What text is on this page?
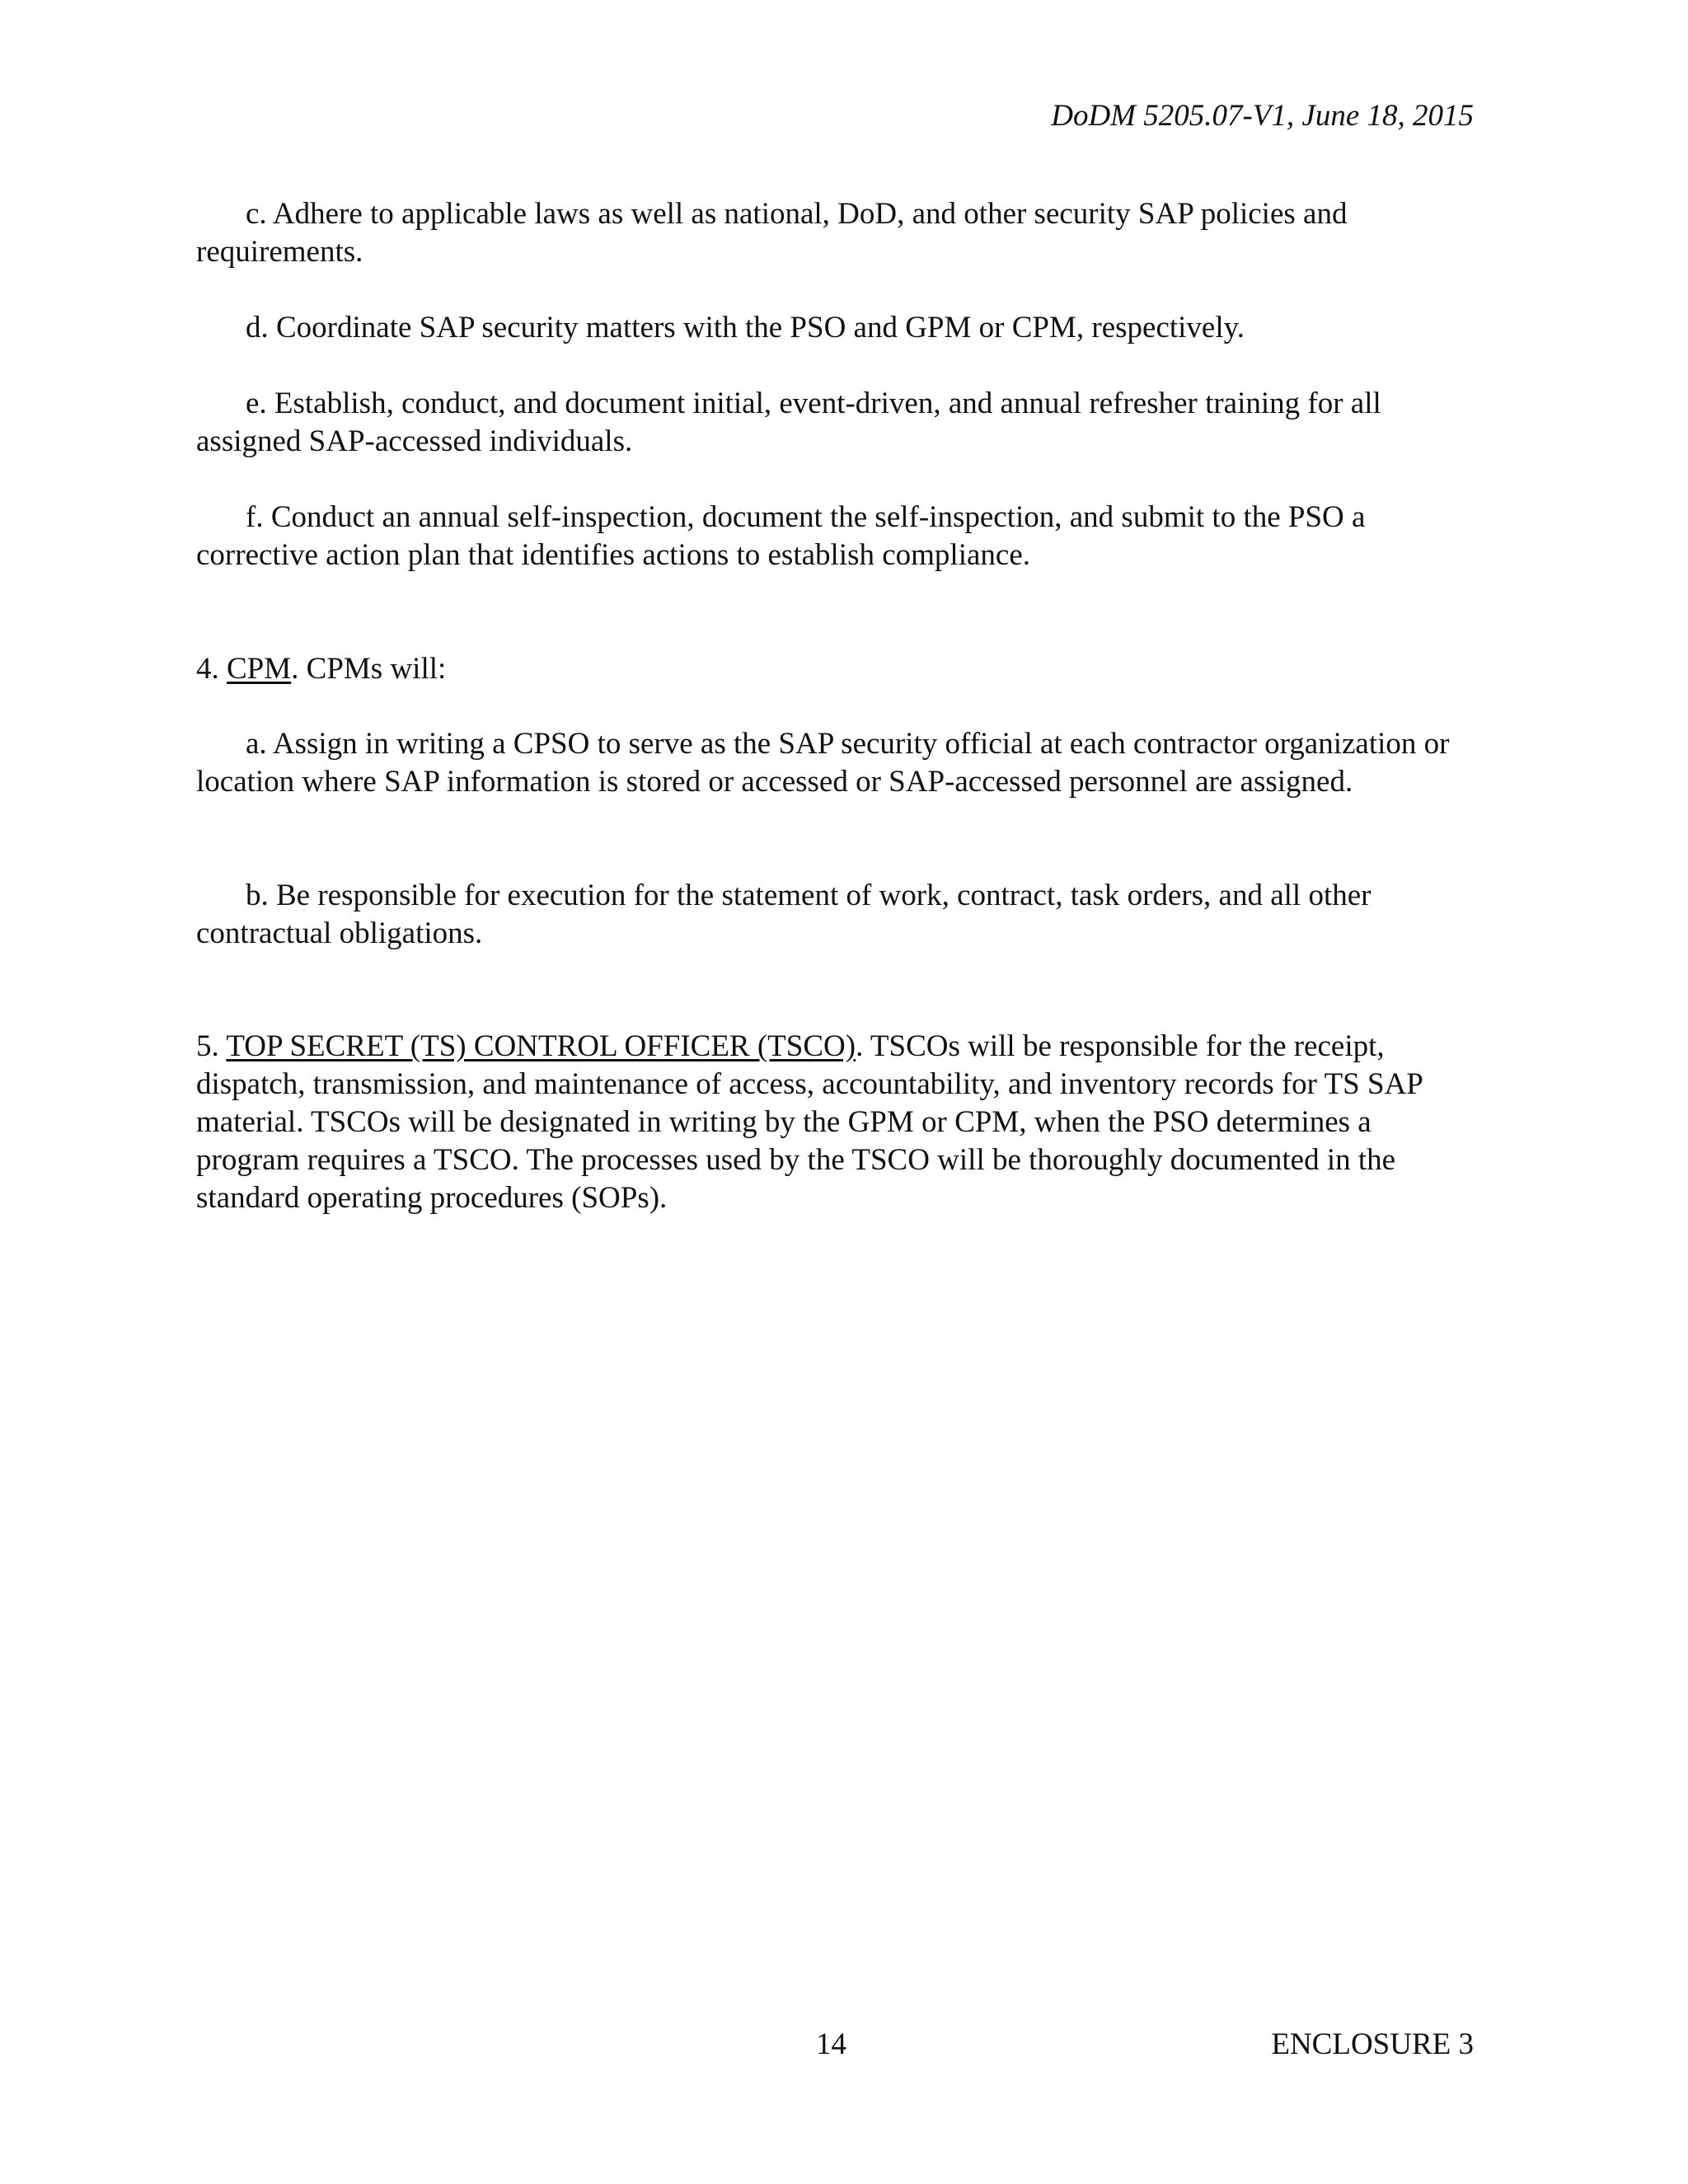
DoDM 5205.07-V1, June 18, 2015

c. Adhere to applicable laws as well as national, DoD, and other security SAP policies and requirements.

d. Coordinate SAP security matters with the PSO and GPM or CPM, respectively.

e. Establish, conduct, and document initial, event-driven, and annual refresher training for all assigned SAP-accessed individuals.

f. Conduct an annual self-inspection, document the self-inspection, and submit to the PSO a corrective action plan that identifies actions to establish compliance.

4. CPM. CPMs will:

a. Assign in writing a CPSO to serve as the SAP security official at each contractor organization or location where SAP information is stored or accessed or SAP-accessed personnel are assigned.

b. Be responsible for execution for the statement of work, contract, task orders, and all other contractual obligations.

5. TOP SECRET (TS) CONTROL OFFICER (TSCO). TSCOs will be responsible for the receipt, dispatch, transmission, and maintenance of access, accountability, and inventory records for TS SAP material. TSCOs will be designated in writing by the GPM or CPM, when the PSO determines a program requires a TSCO. The processes used by the TSCO will be thoroughly documented in the standard operating procedures (SOPs).

14	ENCLOSURE 3
